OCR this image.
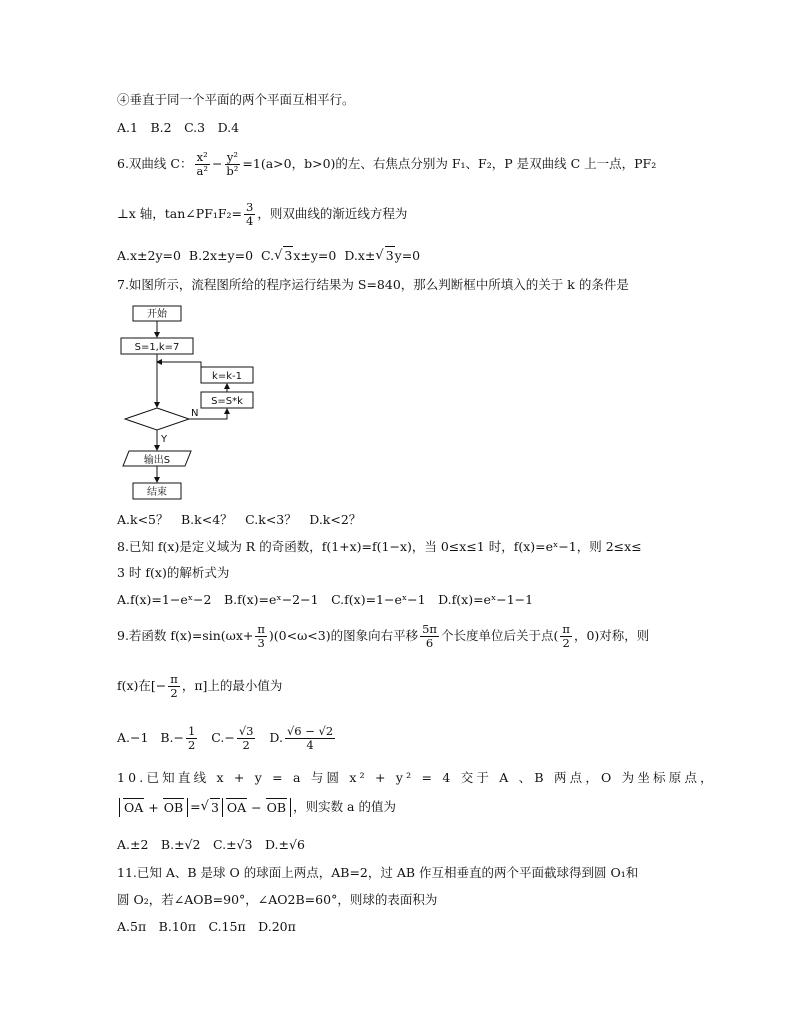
④垂直于同一个平面的两个平面互相平行。
A.1　B.2　C.3　D.4
6.双曲线 C： $\frac{\text{x²}}{\text{a²}} - \frac{\text{y²}}{\text{b²}} =1(a>0$，b>0)的左、右焦点分别为 F₁、F₂，P 是双曲线 C 上一点，PF₂
⊥x 轴，tan∠PF₁F₂= $\frac{3}{4}$ ，则双曲线的渐近线方程为
A.x±2y=0
B.2x±y=0
C. √ 3 x±y=0
D.x± √ 3 y=0
7.如图所示，流程图所给的程序运行结果为 S=840，那么判断框中所填入的关于 k 的条件是
开始
S=1,k=7
k=k-1
S=S*k
N
Y
输出S
结束
A.k<5？　B.k<4？　C.k<3？　D.k<2？
8.已知 f(x)是定义域为 R 的奇函数，f(1+x)=f(1−x)，当 0≤x≤1 时，f(x)=eˣ−1，则 2≤x≤
3 时 f(x)的解析式为
A.f(x)=1−eˣ−2　B.f(x)=eˣ−2−1　C.f(x)=1−eˣ−1　D.f(x)=eˣ−1−1
9.若函数 $f(x)=\sin(\omega x+ \frac{\pi}{3} )(0<\omega<3)$的图象向右平移 $\frac{5\pi}{6}$ 个长度单位后关于点( $\frac{\pi}{2}$ ，0)对称，则
f(x)在[− $\frac{\pi}{2}$ ，π]上的最小值为
A.−1
$B.- \frac{1}{2}$
$C.- \frac{√3}{2}$
D. $\frac{√6 - √2}{4}$
10.已知直线 x + y = a 与圆 x² + y² = 4 交于 A 、B 两点，O 为坐标原点，
OA + OB = √ 3 OA − OB ，则实数 a 的值为
A.±2　B.±√2　C.±√3　D.±√6
11.已知 A、B 是球 O 的球面上两点，AB=2，过 AB 作互相垂直的两个平面截球得到圆 O₁和
圆 O₂，若∠AOB=90°，∠AO2B=60°，则球的表面积为
A.5π　B.10π　C.15π　D.20π
